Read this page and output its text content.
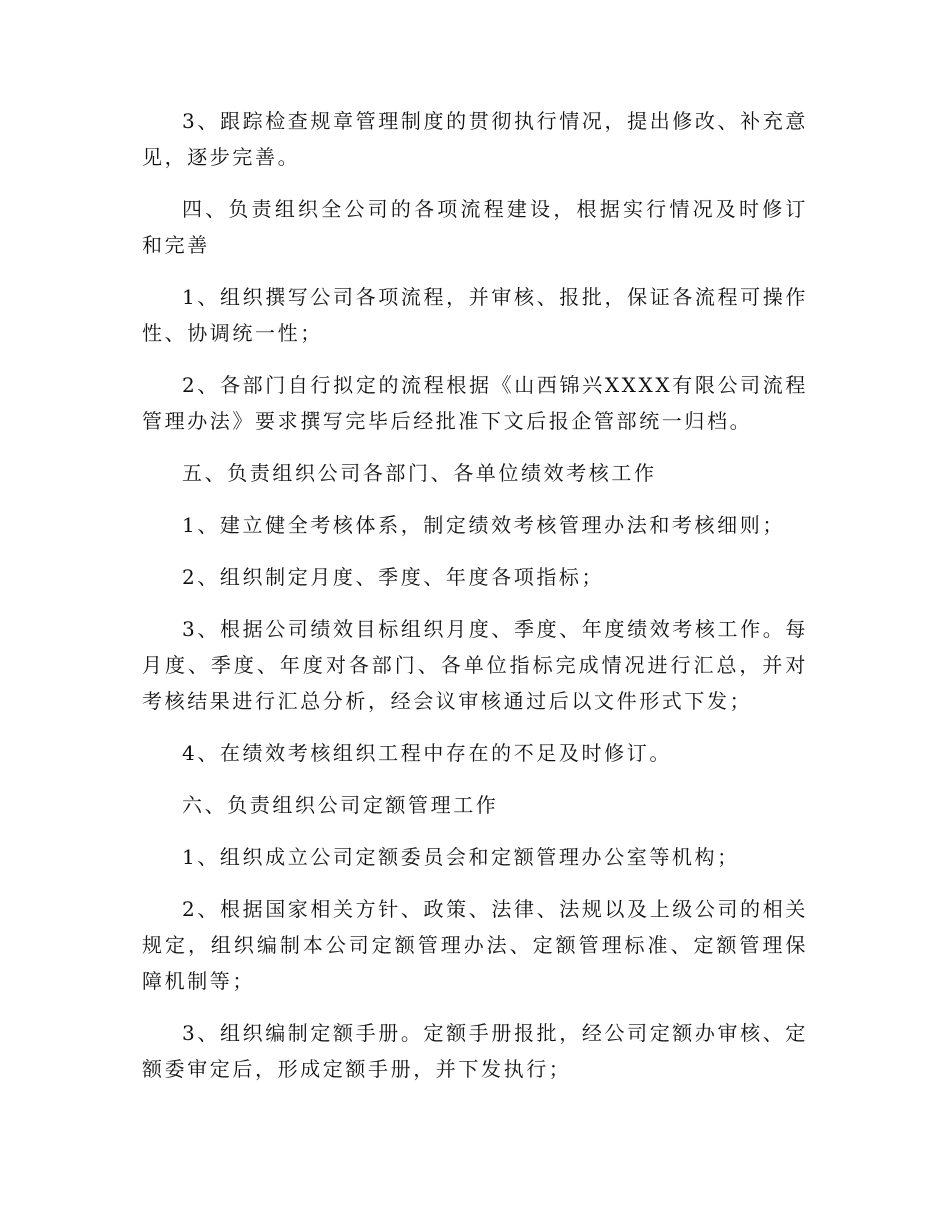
3、跟踪检查规章管理制度的贯彻执行情况，提出修改、补充意见，逐步完善。

四、负责组织全公司的各项流程建设，根据实行情况及时修订和完善

1、组织撰写公司各项流程，并审核、报批，保证各流程可操作性、协调统一性；

2、各部门自行拟定的流程根据《山西锦兴XXXX有限公司流程管理办法》要求撰写完毕后经批准下文后报企管部统一归档。

五、负责组织公司各部门、各单位绩效考核工作

1、建立健全考核体系，制定绩效考核管理办法和考核细则；

2、组织制定月度、季度、年度各项指标；

3、根据公司绩效目标组织月度、季度、年度绩效考核工作。每月度、季度、年度对各部门、各单位指标完成情况进行汇总，并对考核结果进行汇总分析，经会议审核通过后以文件形式下发；

4、在绩效考核组织工程中存在的不足及时修订。

六、负责组织公司定额管理工作

1、组织成立公司定额委员会和定额管理办公室等机构；

2、根据国家相关方针、政策、法律、法规以及上级公司的相关规定，组织编制本公司定额管理办法、定额管理标准、定额管理保障机制等；

3、组织编制定额手册。定额手册报批，经公司定额办审核、定额委审定后，形成定额手册，并下发执行；
